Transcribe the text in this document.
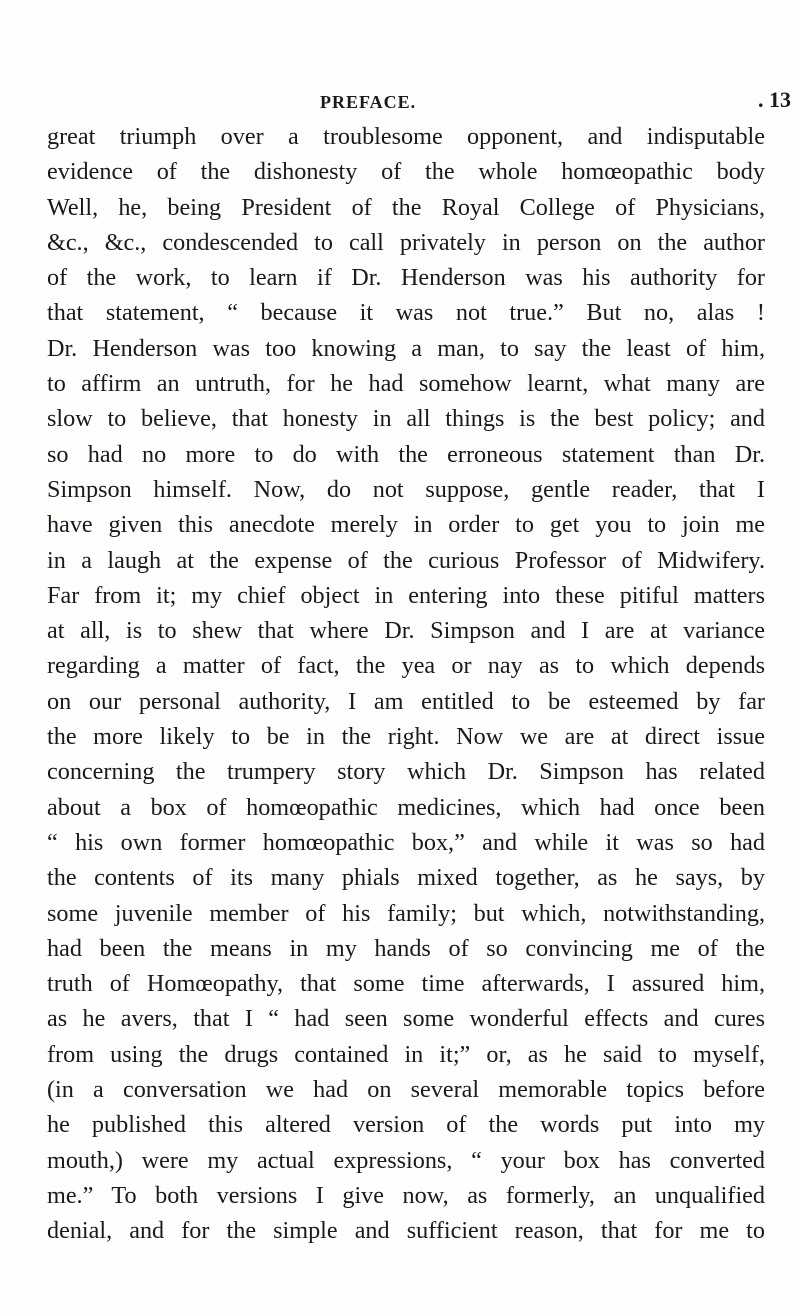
PREFACE.	. 13
great triumph over a troublesome opponent, and indisputable
evidence of the dishonesty of the whole homœopathic body
Well, he, being President of the Royal College of Physicians,
&c., &c., condescended to call privately in person on the author
of the work, to learn if Dr. Henderson was his authority for
that statement, “ because it was not true.” But no, alas !
Dr. Henderson was too knowing a man, to say the least of him,
to affirm an untruth, for he had somehow learnt, what many are
slow to believe, that honesty in all things is the best policy; and
so had no more to do with the erroneous statement than Dr.
Simpson himself. Now, do not suppose, gentle reader, that I
have given this anecdote merely in order to get you to join me
in a laugh at the expense of the curious Professor of Midwifery.
Far from it; my chief object in entering into these pitiful matters
at all, is to shew that where Dr. Simpson and I are at variance
regarding a matter of fact, the yea or nay as to which depends
on our personal authority, I am entitled to be esteemed by far
the more likely to be in the right. Now we are at direct issue
concerning the trumpery story which Dr. Simpson has related
about a box of homœopathic medicines, which had once been
“ his own former homœopathic box,” and while it was so had
the contents of its many phials mixed together, as he says, by
some juvenile member of his family; but which, notwithstanding,
had been the means in my hands of so convincing me of the
truth of Homœopathy, that some time afterwards, I assured him,
as he avers, that I “ had seen some wonderful effects and cures
from using the drugs contained in it;” or, as he said to myself,
(in a conversation we had on several memorable topics before
he published this altered version of the words put into my
mouth,) were my actual expressions, “ your box has converted
me.” To both versions I give now, as formerly, an unqualified
denial, and for the simple and sufficient reason, that for me to
